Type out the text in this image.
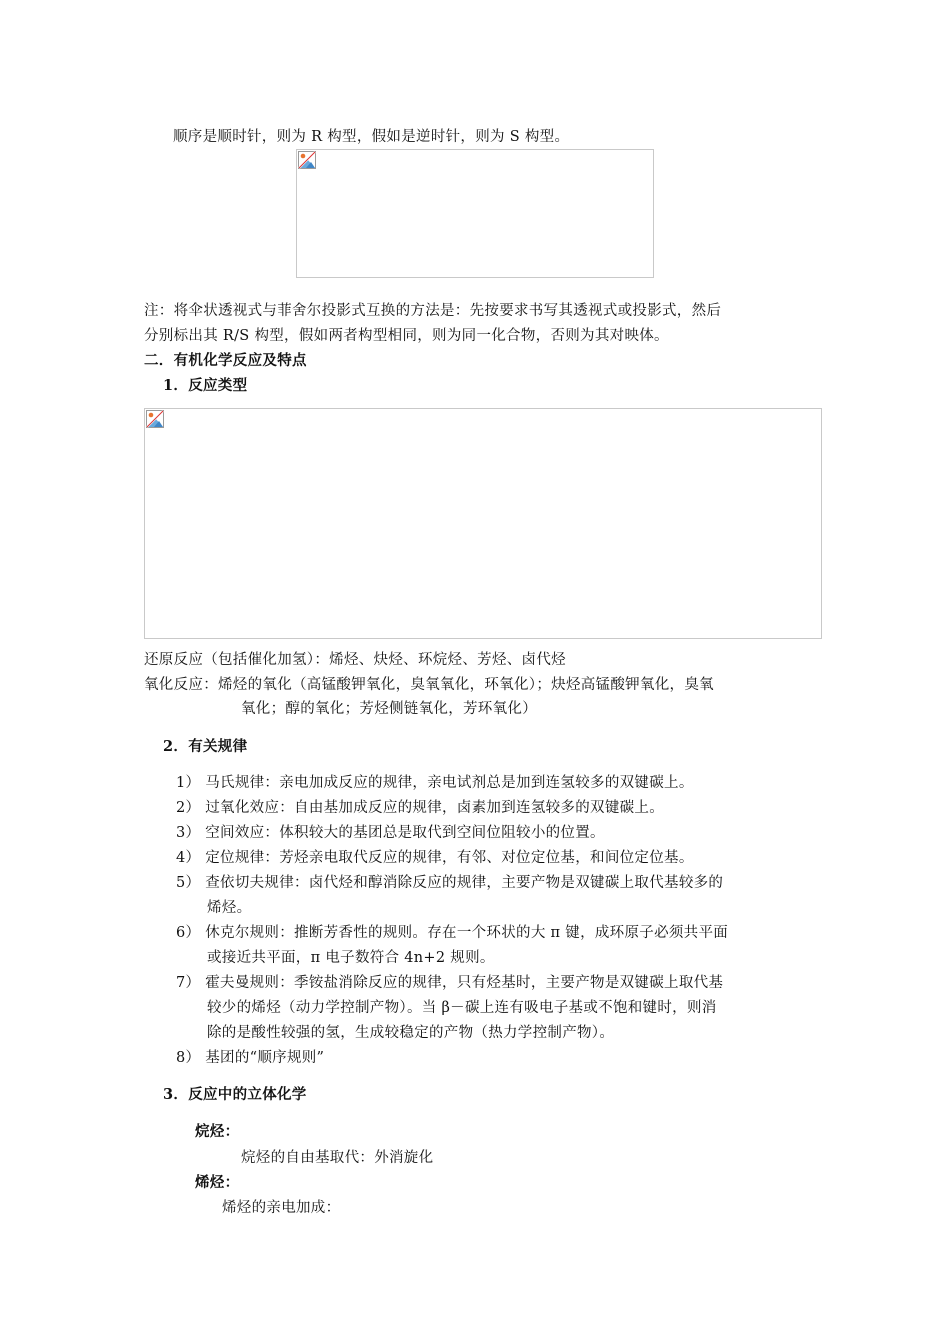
顺序是顺时针，则为 R 构型，假如是逆时针，则为 S 构型。
注：将伞状透视式与菲舍尔投影式互换的方法是：先按要求书写其透视式或投影式，然后
分别标出其 R/S 构型，假如两者构型相同，则为同一化合物，否则为其对映体。
二．有机化学反应及特点
1．反应类型
还原反应（包括催化加氢）：烯烃、炔烃、环烷烃、芳烃、卤代烃
氧化反应：烯烃的氧化（高锰酸钾氧化，臭氧氧化，环氧化）；炔烃高锰酸钾氧化，臭氧
氧化；醇的氧化；芳烃侧链氧化，芳环氧化）
2．有关规律
1） 马氏规律：亲电加成反应的规律，亲电试剂总是加到连氢较多的双键碳上。
2） 过氧化效应：自由基加成反应的规律，卤素加到连氢较多的双键碳上。
3） 空间效应：体积较大的基团总是取代到空间位阻较小的位置。
4） 定位规律：芳烃亲电取代反应的规律，有邻、对位定位基，和间位定位基。
5） 查依切夫规律：卤代烃和醇消除反应的规律，主要产物是双键碳上取代基较多的
烯烃。
6） 休克尔规则：推断芳香性的规则。存在一个环状的大 π 键，成环原子必须共平面
或接近共平面，π 电子数符合 4n+2 规则。
7） 霍夫曼规则：季铵盐消除反应的规律，只有烃基时，主要产物是双键碳上取代基
较少的烯烃（动力学控制产物）。当 β－碳上连有吸电子基或不饱和键时，则消
除的是酸性较强的氢，生成较稳定的产物（热力学控制产物）。
8） 基团的“顺序规则”
3．反应中的立体化学
烷烃：
烷烃的自由基取代：外消旋化
烯烃：
烯烃的亲电加成：
